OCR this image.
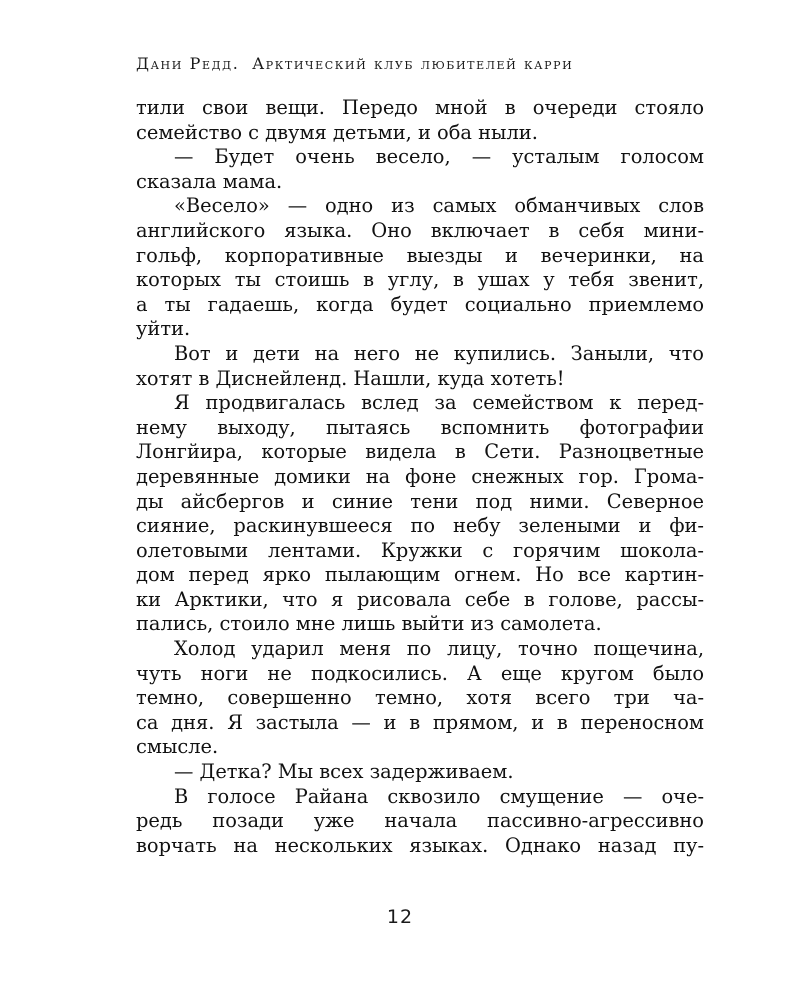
Дани Редд. Арктический клуб любителей карри
тили свои вещи. Передо мной в очереди стояло
семейство с двумя детьми, и оба ныли.
— Будет очень весело, — усталым голосом
сказала мама.
«Весело» — одно из самых обманчивых слов
английского языка. Оно включает в себя мини-
гольф, корпоративные выезды и вечеринки, на
которых ты стоишь в углу, в ушах у тебя звенит,
а ты гадаешь, когда будет социально приемлемо
уйти.
Вот и дети на него не купились. Заныли, что
хотят в Диснейленд. Нашли, куда хотеть!
Я продвигалась вслед за семейством к перед-
нему выходу, пытаясь вспомнить фотографии
Лонгйира, которые видела в Сети. Разноцветные
деревянные домики на фоне снежных гор. Грома-
ды айсбергов и синие тени под ними. Северное
сияние, раскинувшееся по небу зелеными и фи-
олетовыми лентами. Кружки с горячим шокола-
дом перед ярко пылающим огнем. Но все картин-
ки Арктики, что я рисовала себе в голове, рассы-
пались, стоило мне лишь выйти из самолета.
Холод ударил меня по лицу, точно пощечина,
чуть ноги не подкосились. А еще кругом было
темно, совершенно темно, хотя всего три ча-
са дня. Я застыла — и в прямом, и в переносном
смысле.
— Детка? Мы всех задерживаем.
В голосе Райана сквозило смущение — оче-
редь позади уже начала пассивно-агрессивно
ворчать на нескольких языках. Однако назад пу-
12
